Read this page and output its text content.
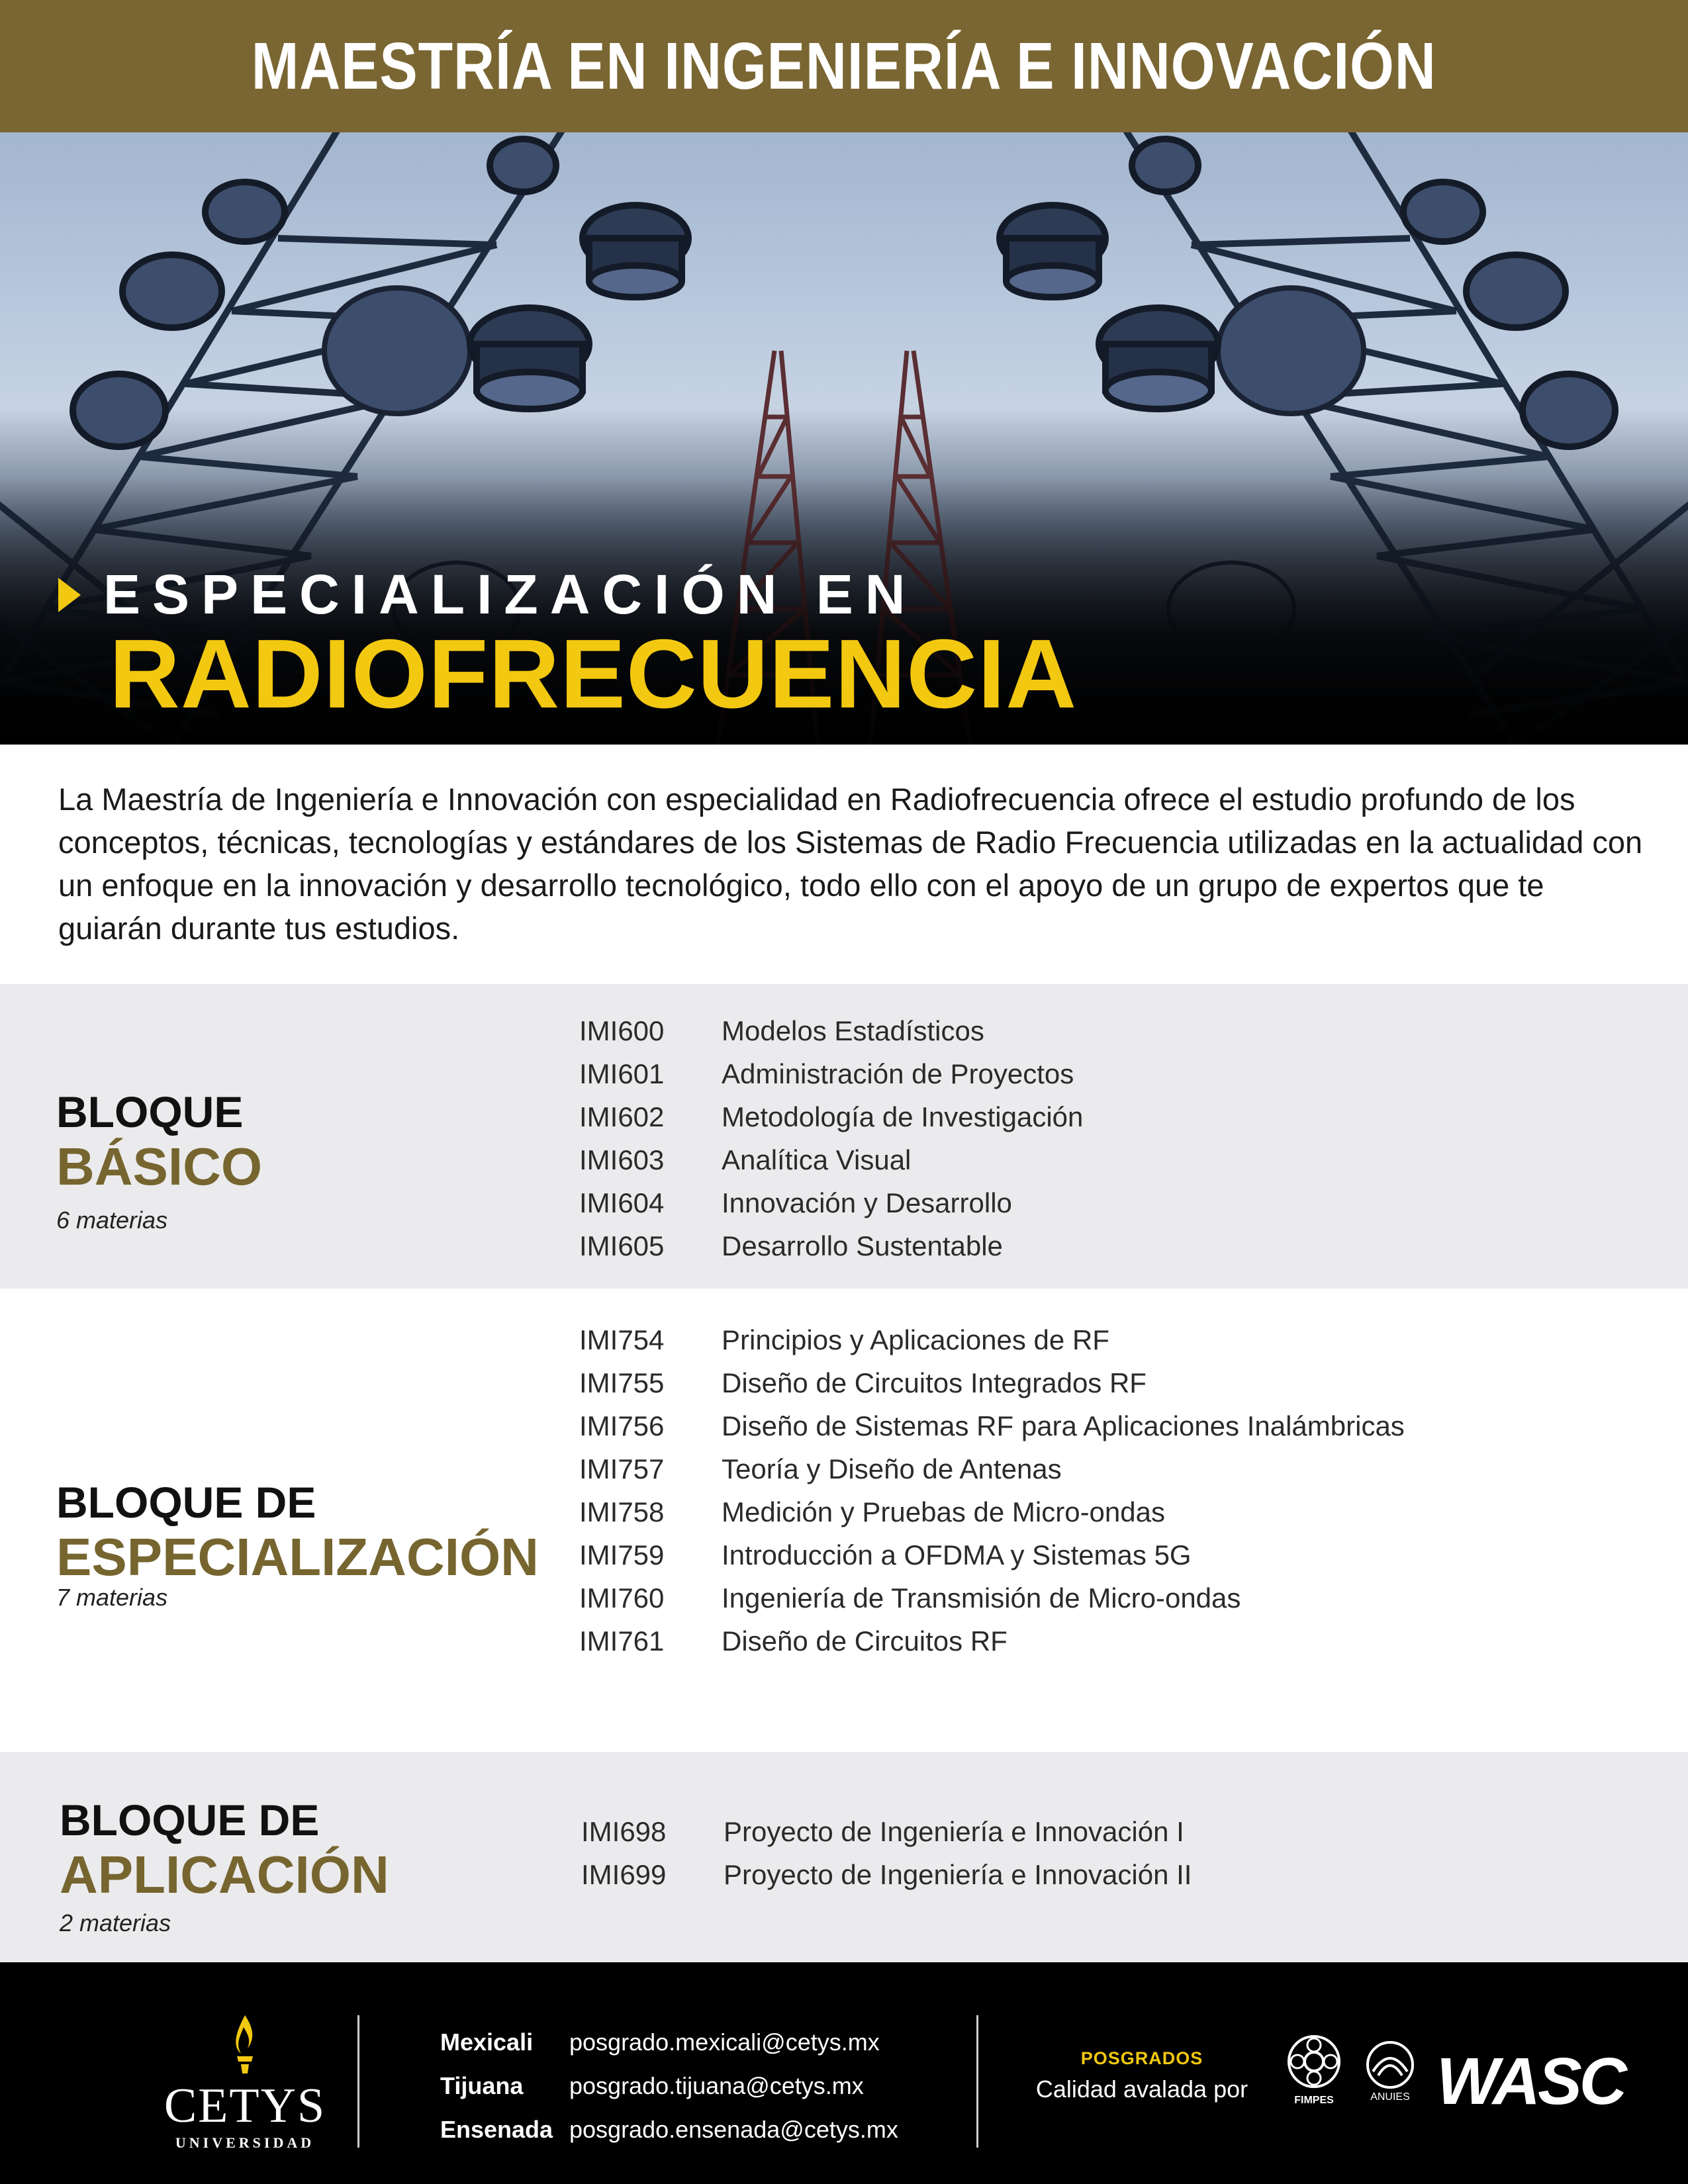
MAESTRÍA EN INGENIERÍA E INNOVACIÓN
ESPECIALIZACIÓN EN
RADIOFRECUENCIA

La Maestría de Ingeniería e Innovación con especialidad en Radiofrecuencia ofrece el estudio profundo de los conceptos, técnicas, tecnologías y estándares de los Sistemas de Radio Frecuencia utilizadas en la actualidad con un enfoque en la innovación y desarrollo tecnológico, todo ello con el apoyo de un grupo de expertos que te guiarán durante tus estudios.

BLOQUE
BÁSICO
6 materias
IMI600	Modelos Estadísticos
IMI601	Administración de Proyectos
IMI602	Metodología de Investigación
IMI603	Analítica Visual
IMI604	Innovación y Desarrollo
IMI605	Desarrollo Sustentable
BLOQUE DE
ESPECIALIZACIÓN
7 materias
IMI754	Principios y Aplicaciones de RF
IMI755	Diseño de Circuitos Integrados RF
IMI756	Diseño de Sistemas RF para Aplicaciones Inalámbricas
IMI757	Teoría y Diseño de Antenas
IMI758	Medición y Pruebas de Micro-ondas
IMI759	Introducción a OFDMA y Sistemas 5G
IMI760	Ingeniería de Transmisión de Micro-ondas
IMI761	Diseño de Circuitos RF
BLOQUE DE
APLICACIÓN
2 materias
IMI698	Proyecto de Ingeniería e Innovación I
IMI699	Proyecto de Ingeniería e Innovación II
CETYS
UNIVERSIDAD
Mexicali	posgrado.mexicali@cetys.mx
Tijuana	posgrado.tijuana@cetys.mx
Ensenada posgrado.ensenada@cetys.mx
POSGRADOS
Calidad avalada por	FIMPES	ANUIES WASC
